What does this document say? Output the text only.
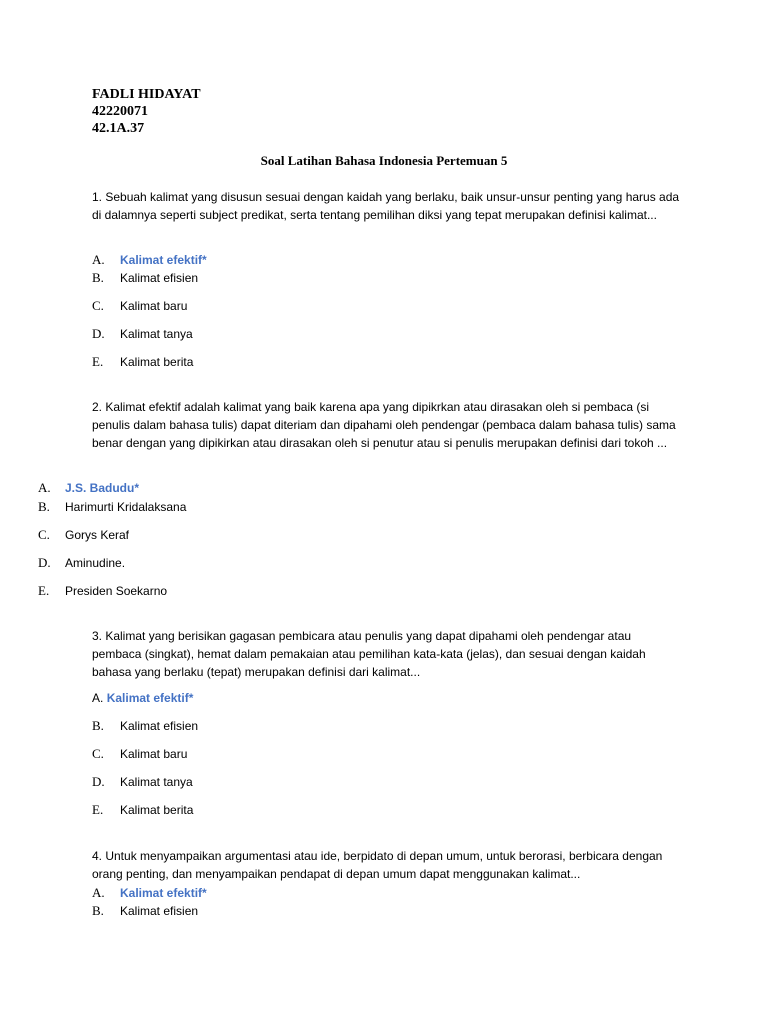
FADLI HIDAYAT
42220071
42.1A.37
Soal Latihan Bahasa Indonesia Pertemuan 5
1. Sebuah kalimat yang disusun sesuai dengan kaidah yang berlaku, baik unsur-unsur penting yang harus ada di dalamnya seperti subject predikat, serta tentang pemilihan diksi yang tepat merupakan definisi kalimat...
A. Kalimat efektif*
B. Kalimat efisien
C. Kalimat baru
D. Kalimat tanya
E. Kalimat berita
2. Kalimat efektif adalah kalimat yang baik karena apa yang dipikrkan atau dirasakan oleh si pembaca (si penulis dalam bahasa tulis) dapat diteriam dan dipahami oleh pendengar (pembaca dalam bahasa tulis) sama benar dengan yang dipikirkan atau dirasakan oleh si penutur atau si penulis merupakan definisi dari tokoh ...
A. J.S. Badudu*
B. Harimurti Kridalaksana
C. Gorys Keraf
D. Aminudine.
E. Presiden Soekarno
3. Kalimat yang berisikan gagasan pembicara atau penulis yang dapat dipahami oleh pendengar atau pembaca (singkat), hemat dalam pemakaian atau pemilihan kata-kata (jelas), dan sesuai dengan kaidah bahasa yang berlaku (tepat) merupakan definisi dari kalimat...
A. Kalimat efektif*
B. Kalimat efisien
C. Kalimat baru
D. Kalimat tanya
E. Kalimat berita
4. Untuk menyampaikan argumentasi atau ide, berpidato di depan umum, untuk berorasi, berbicara dengan orang penting, dan menyampaikan pendapat di depan umum dapat menggunakan kalimat...
A. Kalimat efektif*
B. Kalimat efisien
